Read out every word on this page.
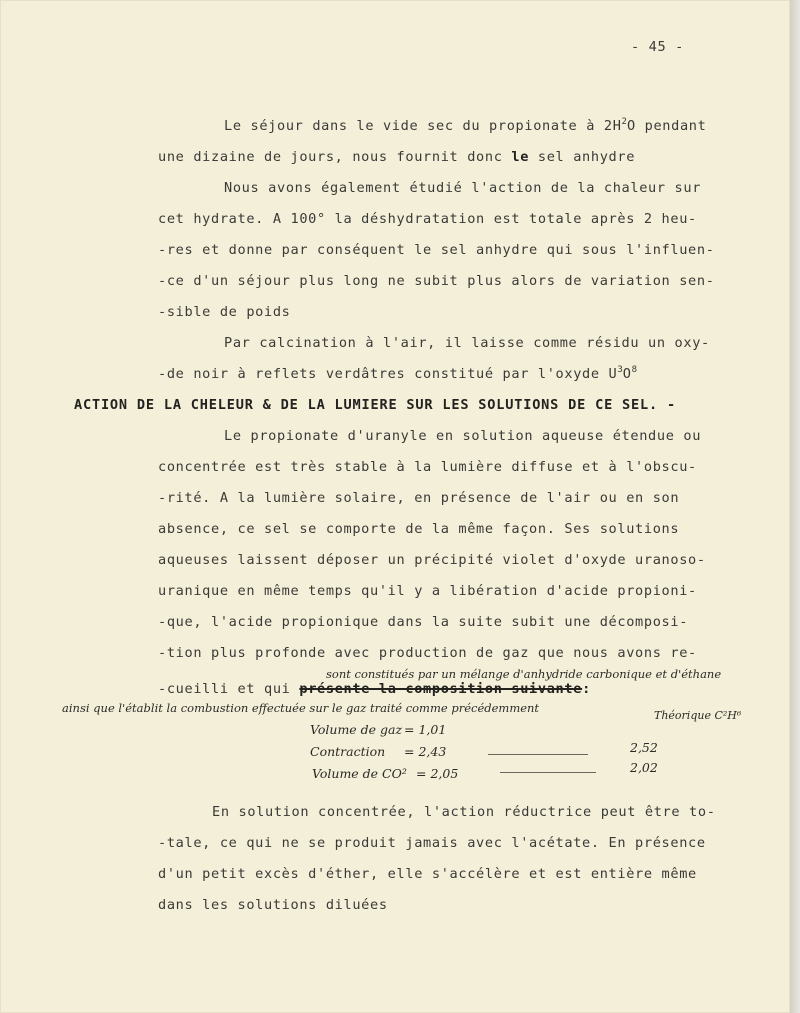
- 45 -
Le séjour dans le vide sec du propionate à $2H^2O$ pendant
une dizaine de jours, nous fournit donc le sel anhydre
Nous avons également étudié l'action de la chaleur sur
cet hydrate. A 100° la déshydratation est totale après 2 heu-
-res et donne par conséquent le sel anhydre qui sous l'influen-
-ce d'un séjour plus long ne subit plus alors de variation sen-
-sible de poids
Par calcination à l'air, il laisse comme résidu un oxy-
-de noir à reflets verdâtres constitué par l'oxyde $U^3O^8$
ACTION DE LA CHELEUR & DE LA LUMIERE SUR LES SOLUTIONS DE CE SEL. -
Le propionate d'uranyle en solution aqueuse étendue ou
concentrée est très stable à la lumière diffuse et à l'obscu-
-rité. A la lumière solaire, en présence de l'air ou en son
absence, ce sel se comporte de la même façon. Ses solutions
aqueuses laissent déposer un précipité violet d'oxyde uranoso-
uranique en même temps qu'il y a libération d'acide propioni-
-que, l'acide propionique dans la suite subit une décomposi-
-tion plus profonde avec production de gaz que nous avons re-
sont constitués par un mélange d'anhydride carbonique et d'éthane
-cueilli et qui présente la composition suivante:
ainsi que l'établit la combustion effectuée sur le gaz traité comme précédemment
Théorique C²H⁶
Volume de gaz = 1,01
Contraction = 2,43	2,52
Volume de CO² = 2,05	2,02
En solution concentrée, l'action réductrice peut être to-
-tale, ce qui ne se produit jamais avec l'acétate. En présence
d'un petit excès d'éther, elle s'accélère et est entière même
dans les solutions diluées
